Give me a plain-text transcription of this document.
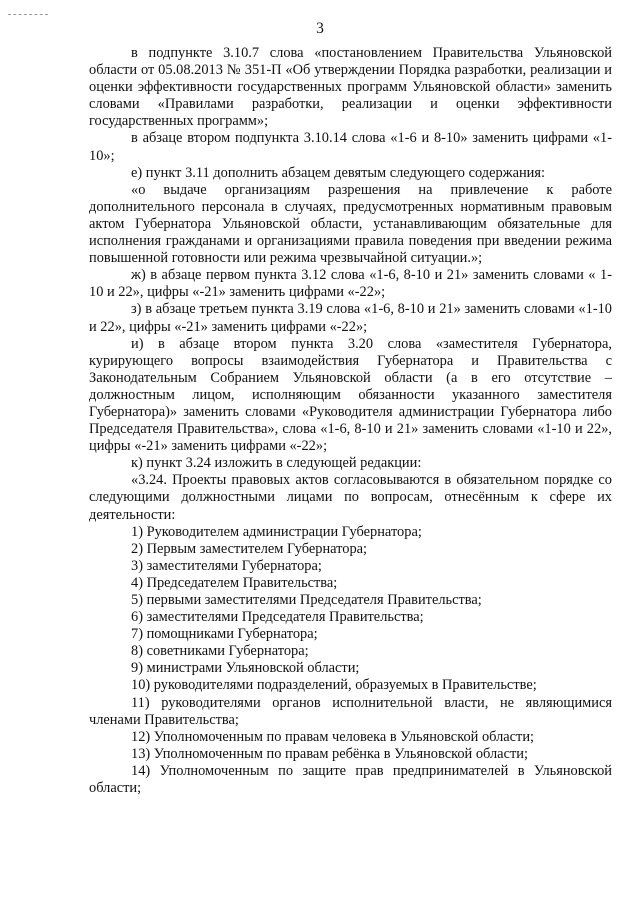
3

в подпункте 3.10.7 слова «постановлением Правительства Ульяновской области от 05.08.2013 № 351-П «Об утверждении Порядка разработки, реализации и оценки эффективности государственных программ Ульяновской области» заменить словами «Правилами разработки, реализации и оценки эффективности государственных программ»;

в абзаце втором подпункта 3.10.14 слова «1-6 и 8-10» заменить цифрами «1-10»;

е) пункт 3.11 дополнить абзацем девятым следующего содержания:

«о выдаче организациям разрешения на привлечение к работе дополнительного персонала в случаях, предусмотренных нормативным правовым актом Губернатора Ульяновской области, устанавливающим обязательные для исполнения гражданами и организациями правила поведения при введении режима повышенной готовности или режима чрезвычайной ситуации.»;

ж) в абзаце первом пункта 3.12 слова «1-6, 8-10 и 21» заменить словами « 1-10 и 22», цифры «-21» заменить цифрами «-22»;

з) в абзаце третьем пункта 3.19 слова «1-6, 8-10 и 21» заменить словами «1-10 и 22», цифры «-21» заменить цифрами «-22»;

и) в абзаце втором пункта 3.20 слова «заместителя Губернатора, курирующего вопросы взаимодействия Губернатора и Правительства с Законодательным Собранием Ульяновской области (а в его отсутствие – должностным лицом, исполняющим обязанности указанного заместителя Губернатора)» заменить словами «Руководителя администрации Губернатора либо Председателя Правительства», слова «1-6, 8-10 и 21» заменить словами «1-10 и 22», цифры «-21» заменить цифрами «-22»;

к) пункт 3.24 изложить в следующей редакции:

«3.24. Проекты правовых актов согласовываются в обязательном порядке со следующими должностными лицами по вопросам, отнесённым к сфере их деятельности:

1) Руководителем администрации Губернатора;

2) Первым заместителем Губернатора;

3) заместителями Губернатора;

4) Председателем Правительства;

5) первыми заместителями Председателя Правительства;

6) заместителями Председателя Правительства;

7) помощниками Губернатора;

8) советниками Губернатора;

9) министрами Ульяновской области;

10) руководителями подразделений, образуемых в Правительстве;

11) руководителями органов исполнительной власти, не являющимися членами Правительства;

12) Уполномоченным по правам человека в Ульяновской области;

13) Уполномоченным по правам ребёнка в Ульяновской области;

14) Уполномоченным по защите прав предпринимателей в Ульяновской области;
